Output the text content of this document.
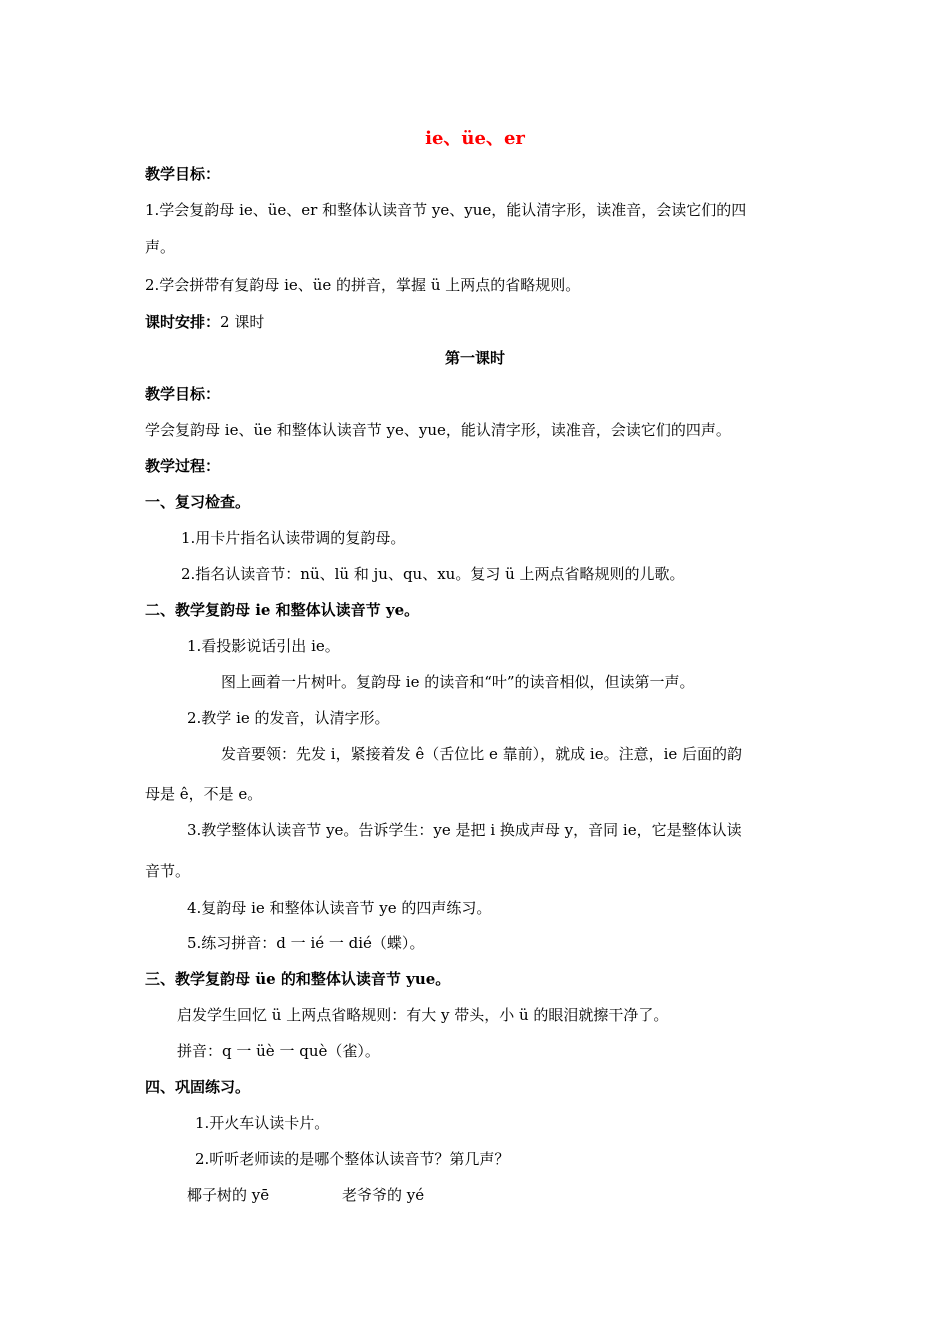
ie、üe、er
教学目标：
1.学会复韵母 ie、üe、er 和整体认读音节 ye、yue，能认清字形，读准音，会读它们的四
声。
2.学会拼带有复韵母 ie、üe 的拼音，掌握 ü 上两点的省略规则。
课时安排：2 课时
第一课时
教学目标：
学会复韵母 ie、üe 和整体认读音节 ye、yue，能认清字形，读准音，会读它们的四声。
教学过程：
一、复习检查。
1.用卡片指名认读带调的复韵母。
2.指名认读音节：nü、lü 和 ju、qu、xu。复习 ü 上两点省略规则的儿歌。
二、教学复韵母 ie 和整体认读音节 ye。
1.看投影说话引出 ie。
图上画着一片树叶。复韵母 ie 的读音和“叶”的读音相似，但读第一声。
2.教学 ie 的发音，认清字形。
发音要领：先发 i，紧接着发 ê（舌位比 e 靠前），就成 ie。注意，ie 后面的韵
母是 ê，不是 e。
3.教学整体认读音节 ye。告诉学生：ye 是把 i 换成声母 y，音同 ie，它是整体认读
音节。
4.复韵母 ie 和整体认读音节 ye 的四声练习。
5.练习拼音：d 一 ié 一 dié（蝶）。
三、教学复韵母 üe 的和整体认读音节 yue。
启发学生回忆 ü 上两点省略规则：有大 y 带头，小 ü 的眼泪就擦干净了。
拼音：q 一 üè 一 què（雀）。
四、巩固练习。
1.开火车认读卡片。
2.听听老师读的是哪个整体认读音节？第几声？
椰子树的 yē	老爷爷的 yé
